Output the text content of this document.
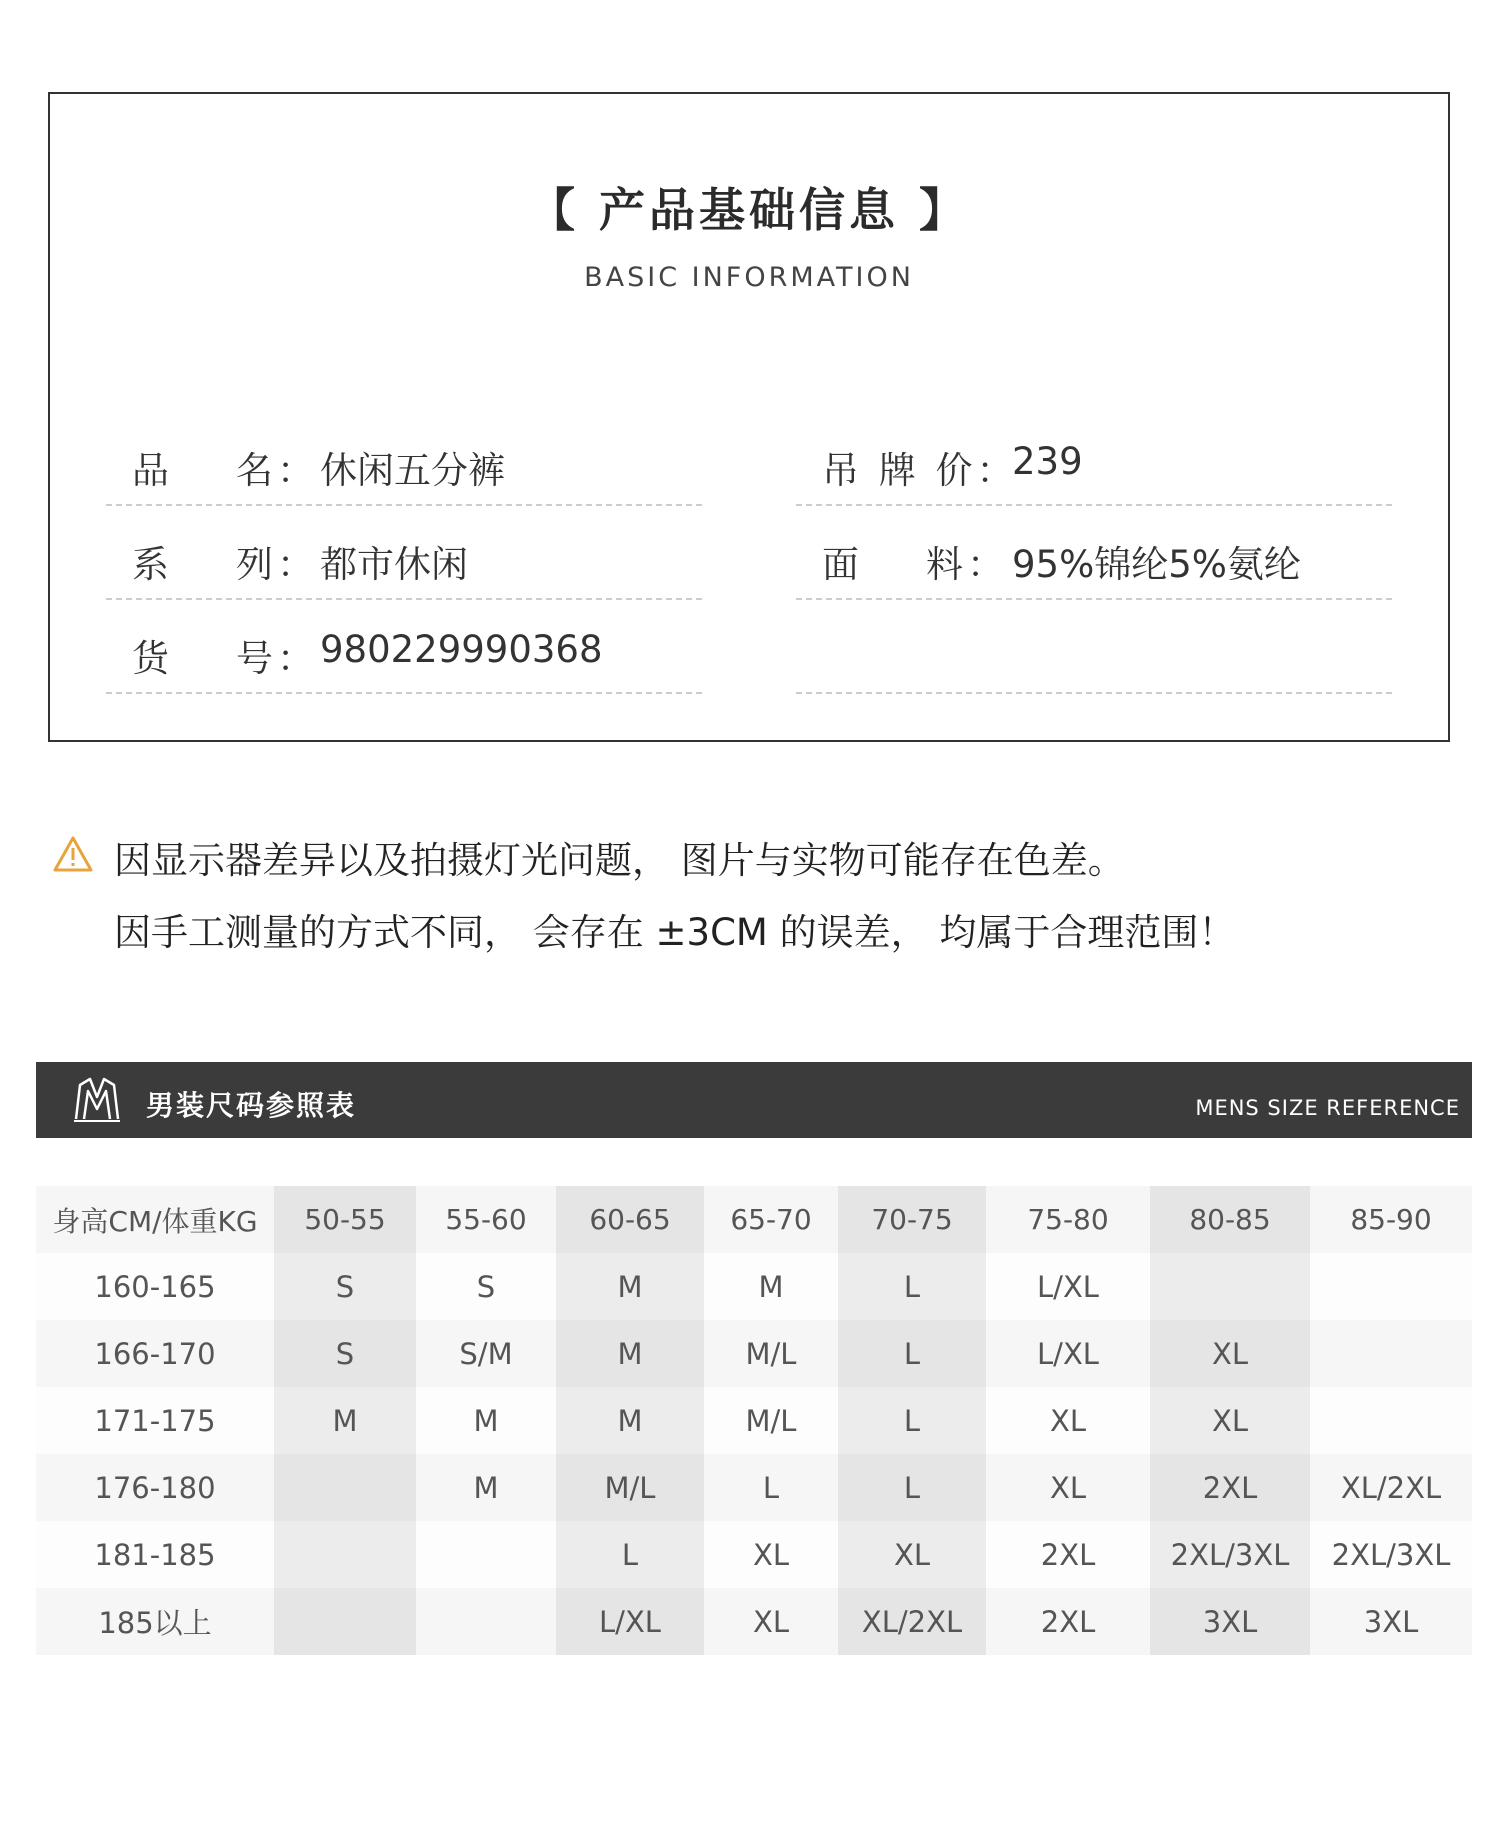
【 产品基础信息 】
BASIC INFORMATION
品    名： 休闲五分裤	吊 牌 价：
239
系    列： 都市休闲	面    料： 95%锦纶5%氨纶
货    号： 980229990368
因显示器差异以及拍摄灯光问题， 图片与实物可能存在色差。
因手工测量的方式不同， 会存在 ±3CM 的误差， 均属于合理范围！
男装尺码参照表	MENS SIZE REFERENCE
身高CM/体重KG	50-55	55-60	60-65	65-70	70-75	75-80	80-85	85-90
160-165	S	S	M	M	L	L/XL		
166-170	S	S/M	M	M/L	L	L/XL	XL	
171-175	M	M	M	M/L	L	XL	XL	
176-180		M	M/L	L	L	XL	2XL	XL/2XL
181-185			L	XL	XL	2XL	2XL/3XL	2XL/3XL
185以上			L/XL	XL	XL/2XL	2XL	3XL	3XL
